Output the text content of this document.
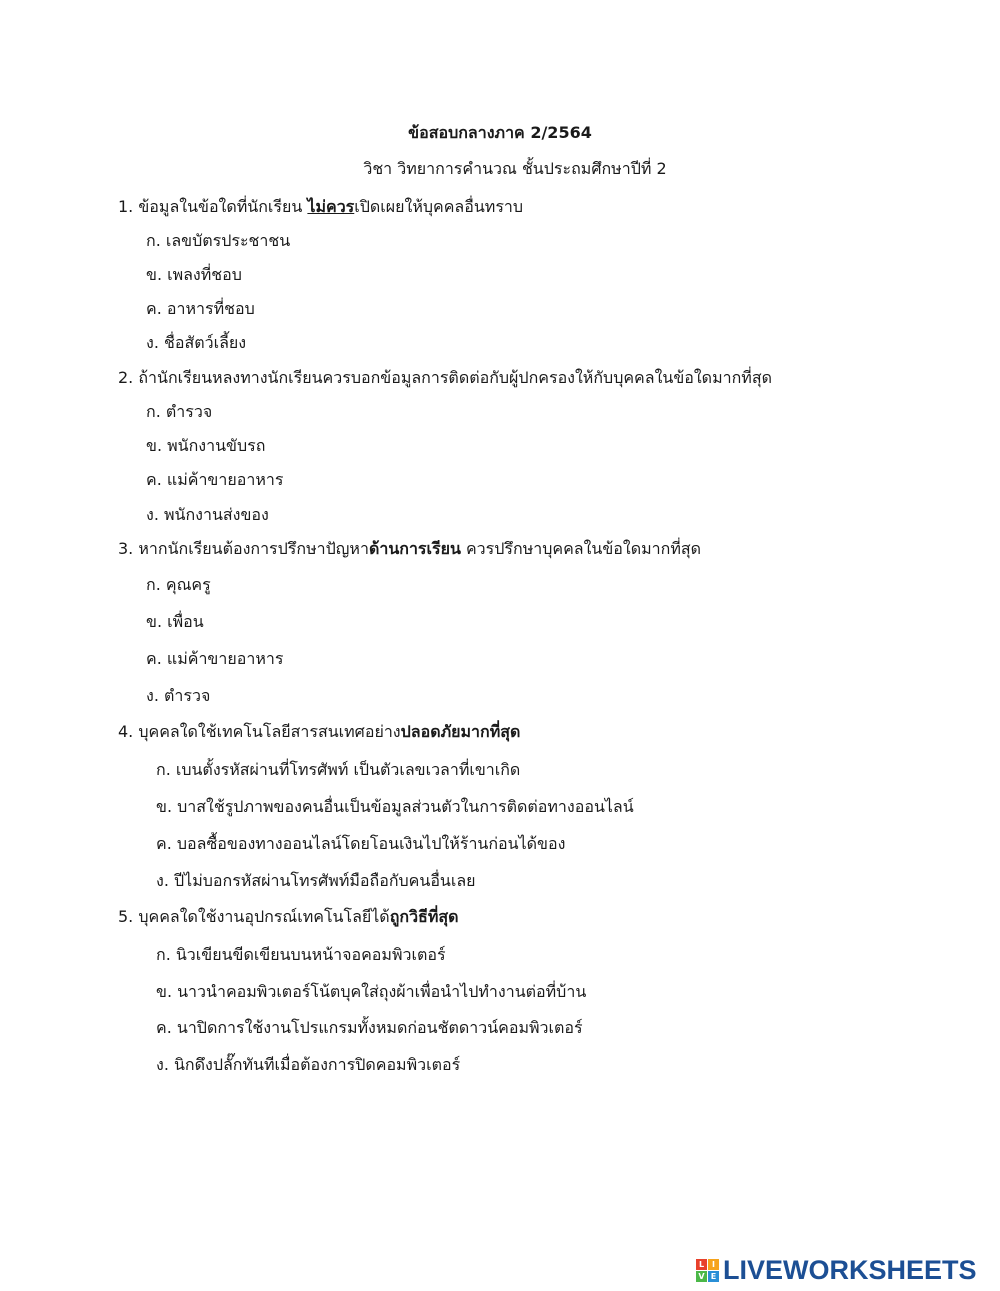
ข้อสอบกลางภาค 2/2564
วิชา วิทยาการคำนวณ ชั้นประถมศึกษาปีที่ 2
1. ข้อมูลในข้อใดที่นักเรียน ไม่ควรเปิดเผยให้บุคคลอื่นทราบ
ก. เลขบัตรประชาชน
ข. เพลงที่ชอบ
ค. อาหารที่ชอบ
ง. ชื่อสัตว์เลี้ยง
2. ถ้านักเรียนหลงทางนักเรียนควรบอกข้อมูลการติดต่อกับผู้ปกครองให้กับบุคคลในข้อใดมากที่สุด
ก. ตำรวจ
ข. พนักงานขับรถ
ค. แม่ค้าขายอาหาร
ง. พนักงานส่งของ
3. หากนักเรียนต้องการปรึกษาปัญหาด้านการเรียน ควรปรึกษาบุคคลในข้อใดมากที่สุด
ก. คุณครู
ข. เพื่อน
ค. แม่ค้าขายอาหาร
ง. ตำรวจ
4. บุคคลใดใช้เทคโนโลยีสารสนเทศอย่างปลอดภัยมากที่สุด
ก. เบนตั้งรหัสผ่านที่โทรศัพท์ เป็นตัวเลขเวลาที่เขาเกิด
ข. บาสใช้รูปภาพของคนอื่นเป็นข้อมูลส่วนตัวในการติดต่อทางออนไลน์
ค. บอลซื้อของทางออนไลน์โดยโอนเงินไปให้ร้านก่อนได้ของ
ง. ปีไม่บอกรหัสผ่านโทรศัพท์มือถือกับคนอื่นเลย
5. บุคคลใดใช้งานอุปกรณ์เทคโนโลยีได้ถูกวิธีที่สุด
ก. นิวเขียนขีดเขียนบนหน้าจอคอมพิวเตอร์
ข. นาวนำคอมพิวเตอร์โน้ตบุคใส่ถุงผ้าเพื่อนำไปทำงานต่อที่บ้าน
ค. นาปิดการใช้งานโปรแกรมทั้งหมดก่อนชัตดาวน์คอมพิวเตอร์
ง. นิกดึงปลั๊กทันทีเมื่อต้องการปิดคอมพิวเตอร์
L I
V E LIVEWORKSHEETS
